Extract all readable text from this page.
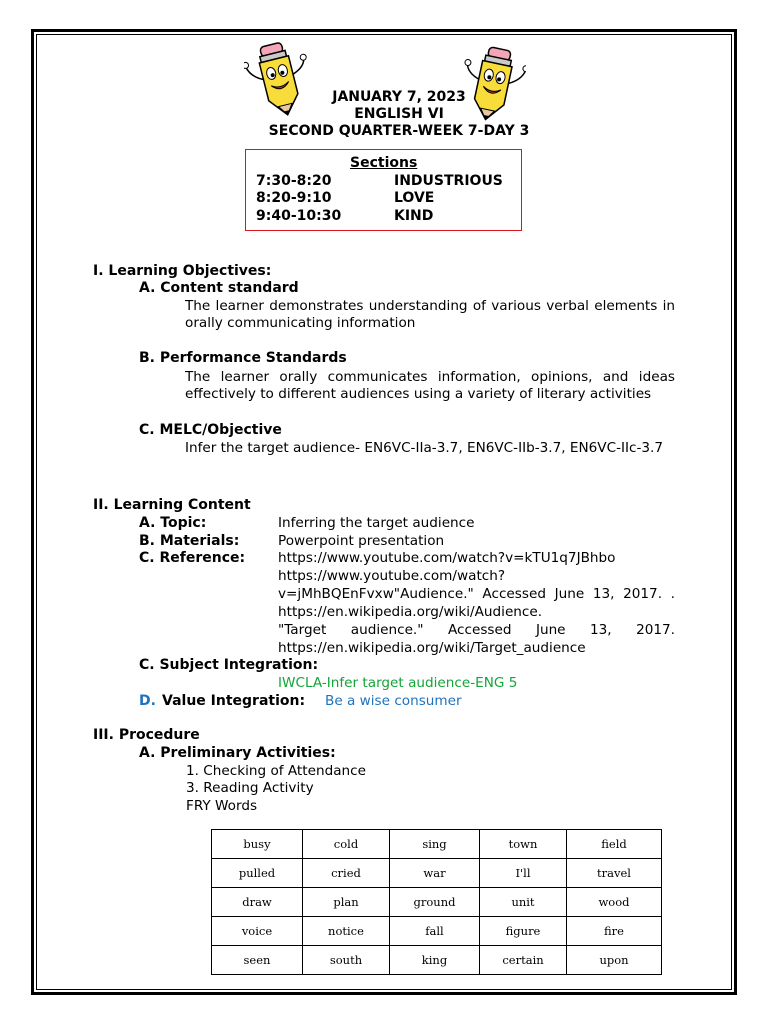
JANUARY 7, 2023
ENGLISH VI
SECOND QUARTER-WEEK 7-DAY 3
Sections
7:30-8:20	INDUSTRIOUS
8:20-9:10	LOVE
9:40-10:30	KIND
I. Learning Objectives:
A. Content standard
The learner demonstrates understanding of various verbal elements in orally communicating information
B. Performance Standards
The learner orally communicates information, opinions, and ideas effectively to different audiences using a variety of literary activities
C. MELC/Objective
Infer the target audience- EN6VC-IIa-3.7, EN6VC-IIb-3.7, EN6VC-IIc-3.7
II. Learning Content
A. Topic:	Inferring the target audience
B. Materials:	Powerpoint presentation
C. Reference: https://www.youtube.com/watch?v=kTU1q7JBhbo
https://www.youtube.com/watch?
v=jMhBQEnFvxw"Audience." Accessed June 13, 2017. .
https://en.wikipedia.org/wiki/Audience.
"Target audience." Accessed June 13, 2017.
https://en.wikipedia.org/wiki/Target_audience
C. Subject Integration:
IWCLA-Infer target audience-ENG 5
D. Value Integration: Be a wise consumer
III. Procedure
A. Preliminary Activities:
1. Checking of Attendance
3. Reading Activity
FRY Words
busy	cold	sing	town	field
pulled	cried	war	I'll	travel
draw	plan	ground	unit	wood
voice	notice	fall	figure	fire
seen	south	king	certain	upon
